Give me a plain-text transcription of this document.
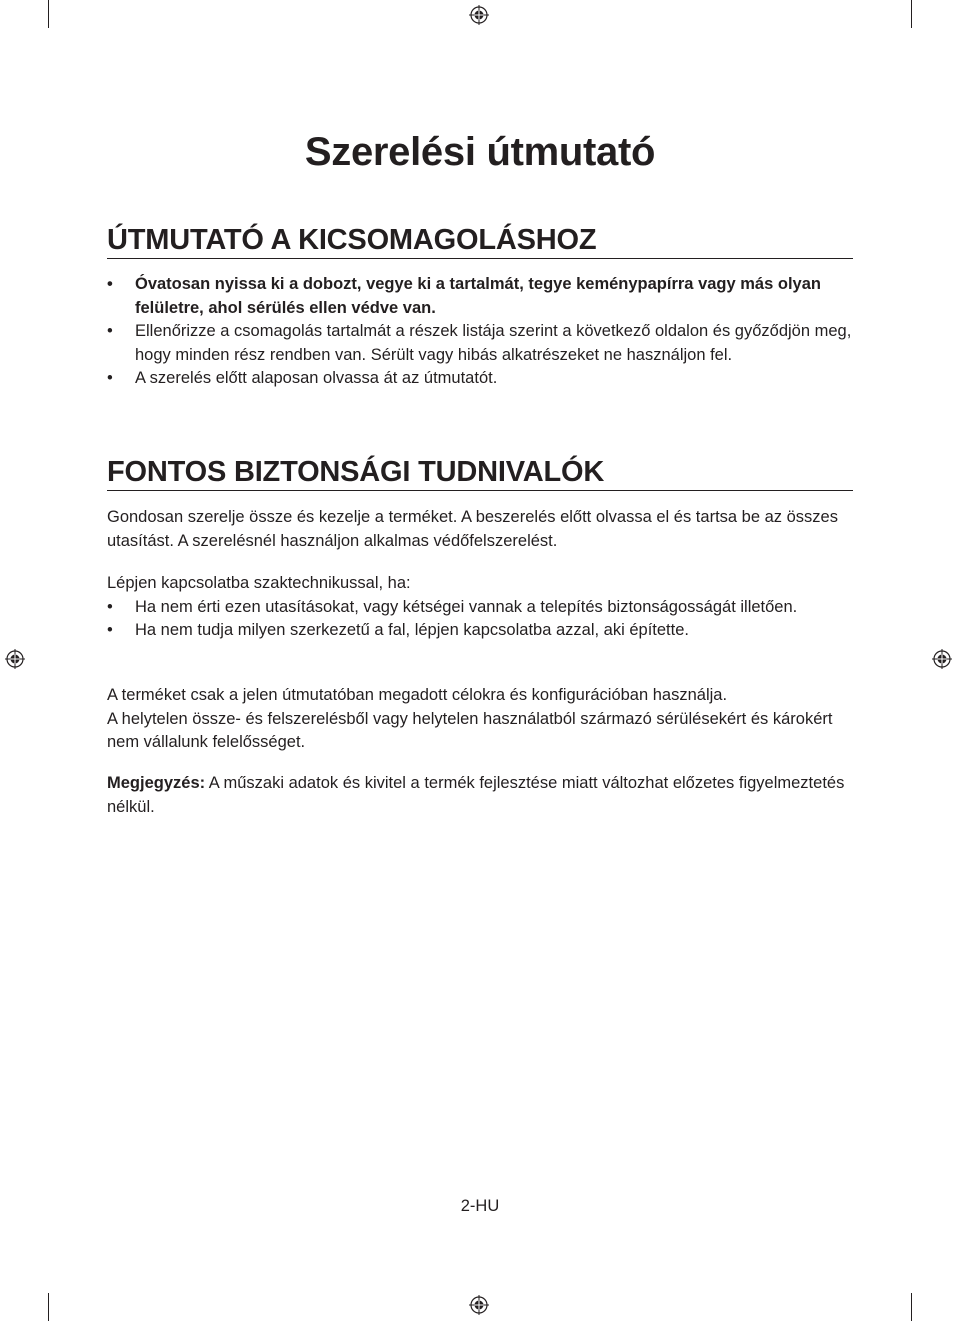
Szerelési útmutató
ÚTMUTATÓ A KICSOMAGOLÁSHOZ
• Óvatosan nyissa ki a dobozt, vegye ki a tartalmát, tegye keménypapírra vagy más olyan felületre, ahol sérülés ellen védve van.
• Ellenőrizze a csomagolás tartalmát a részek listája szerint a következő oldalon és győződjön meg, hogy minden rész rendben van. Sérült vagy hibás alkatrészeket ne használjon fel.
• A szerelés előtt alaposan olvassa át az útmutatót.
FONTOS BIZTONSÁGI TUDNIVALÓK

Gondosan szerelje össze és kezelje a terméket. A beszerelés előtt olvassa el és tartsa be az összes utasítást. A szerelésnél használjon alkalmas védőfelszerelést.

Lépjen kapcsolatba szaktechnikussal, ha:

• Ha nem érti ezen utasításokat, vagy kétségei vannak a telepítés biztonságosságát illetően.
• Ha nem tudja milyen szerkezetű a fal, lépjen kapcsolatba azzal, aki építette.

A terméket csak a jelen útmutatóban megadott célokra és konfigurációban használja.

A helytelen össze- és felszerelésből vagy helytelen használatból származó sérülésekért és károkért nem vállalunk felelősséget.

Megjegyzés: A műszaki adatok és kivitel a termék fejlesztése miatt változhat előzetes figyelmeztetés nélkül.

2-HU
